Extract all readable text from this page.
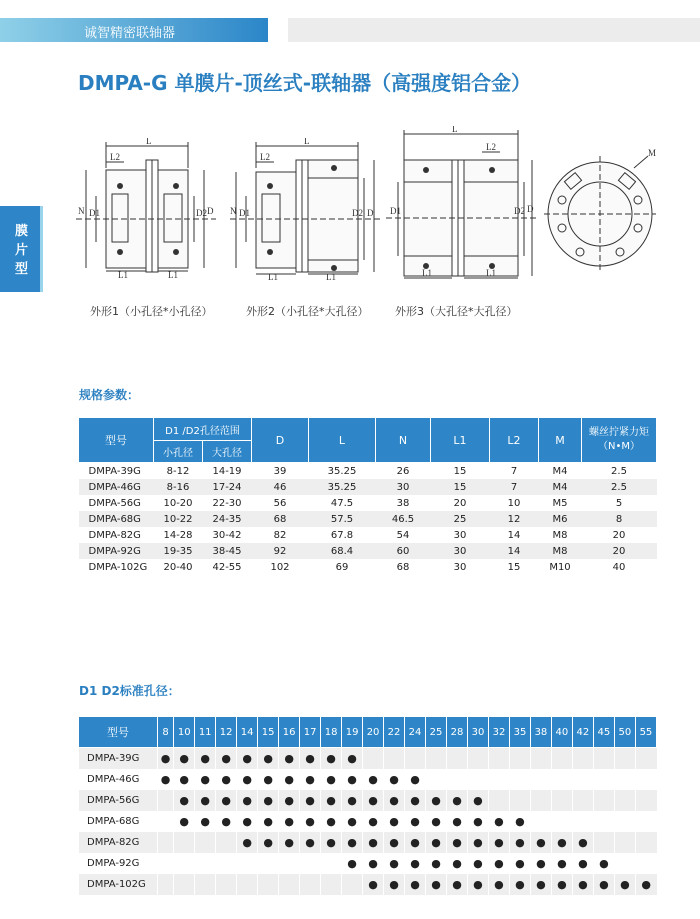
诚智精密联轴器
DMPA-G 单膜片-顶丝式-联轴器（高强度铝合金）
膜
片
型
L
L2
N D1	D2 D
L1	L1
L
L2
N D1	D2 D
L1	L1
L
L2
D1	D2 D
L1	L1
M
外形1（小孔径*小孔径）	外形2（小孔径*大孔径） 外形3（大孔径*大孔径）
规格参数：
型号	D1 /D2孔径范围		D	L	N	L1	L2	M	螺丝拧紧力矩
（N•M）
	小孔径	大孔径							
DMPA-39G	8-12	14-19	39	35.25	26	15	7	M4	2.5
DMPA-46G	8-16	17-24	46	35.25	30	15	7	M4	2.5
DMPA-56G	10-20	22-30	56	47.5	38	20	10	M5	5
DMPA-68G	10-22	24-35	68	57.5	46.5	25	12	M6	8
DMPA-82G	14-28	30-42	82	67.8	54	30	14	M8	20
DMPA-92G	19-35	38-45	92	68.4	60	30	14	M8	20
DMPA-102G	20-40	42-55	102	69	68	30	15	M10	40
D1 D2标准孔径：
型号	8	10	11	12	14	15	16	17	18	19	20	22	24	25	28	30	32	35	38	40	42	45	50	55
DMPA-39G	●	●	●	●	●	●	●	●	●	●														
DMPA-46G	●	●	●	●	●	●	●	●	●	●	●	●	●											
DMPA-56G		●	●	●	●	●	●	●	●	●	●	●	●	●	●	●								
DMPA-68G		●	●	●	●	●	●	●	●	●	●	●	●	●	●	●	●	●						
DMPA-82G					●	●	●	●	●	●	●	●	●	●	●	●	●	●	●	●	●			
DMPA-92G										●	●	●	●	●	●	●	●	●	●	●	●	●		
DMPA-102G											●	●	●	●	●	●	●	●	●	●	●	●	●	●
